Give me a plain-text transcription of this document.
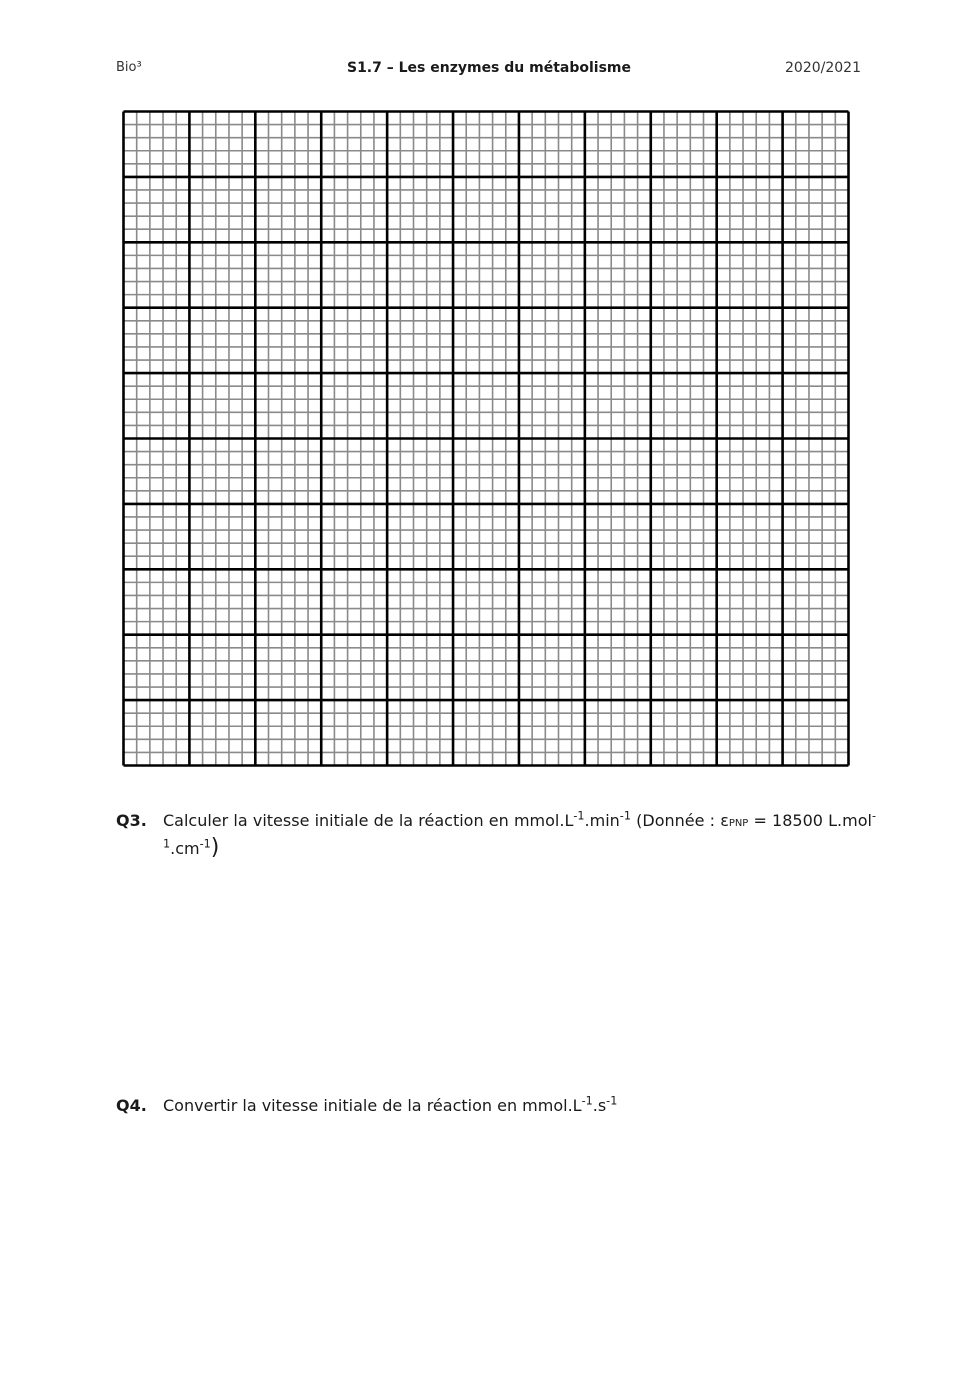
Bio³	S1.7 – Les enzymes du métabolisme	2020/2021
Q3. Calculer la vitesse initiale de la réaction en $mmol.L^{-1}.\min^{-1}$ (Donnée : εPNP = 18500 $L.mol^{-1}.cm^{-1}$)
Q4. Convertir la vitesse initiale de la réaction en $mmol.L^{-1}.s^{-1}$
